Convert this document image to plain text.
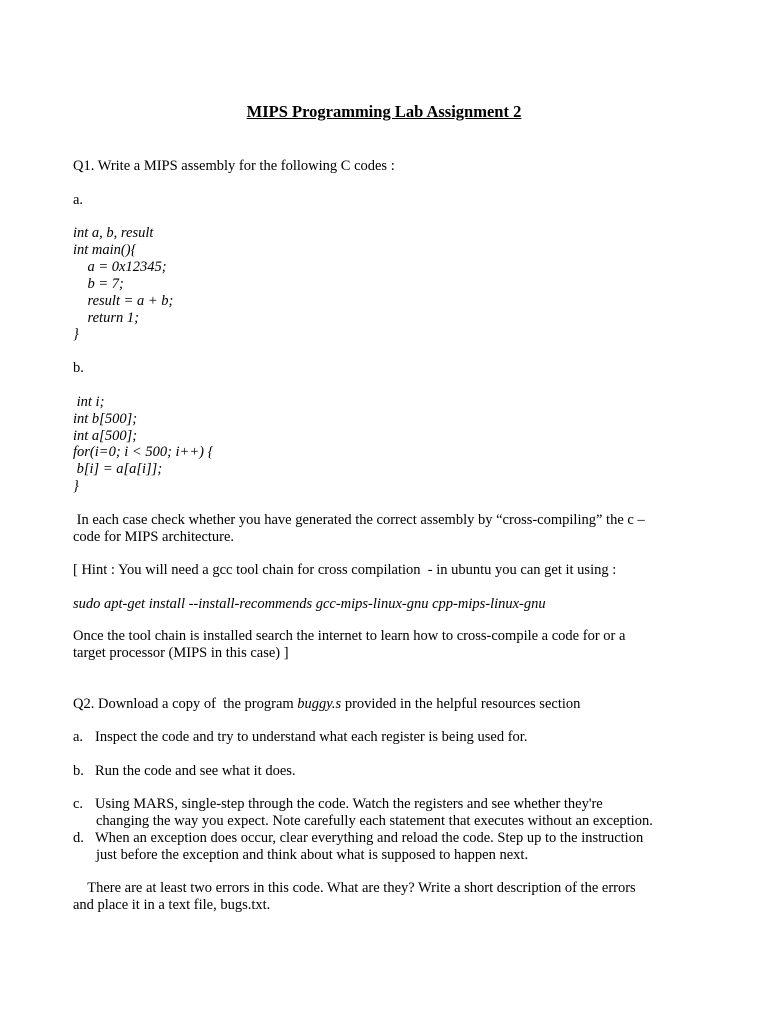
MIPS Programming Lab Assignment 2
Q1. Write a MIPS assembly for the following C codes :
a.
int a, b, result
int main(){
a = 0x12345;
b = 7;
result = a + b;
return 1;
}
b.
int i;
int b[500];
int a[500];
for(i=0; i < 500; i++) {
b[i] = a[a[i]];
}
In each case check whether you have generated the correct assembly by “cross-compiling” the c –
code for MIPS architecture.
[ Hint : You will need a gcc tool chain for cross compilation  - in ubuntu you can get it using :
sudo apt-get install --install-recommends gcc-mips-linux-gnu cpp-mips-linux-gnu
Once the tool chain is installed search the internet to learn how to cross-compile a code for or a
target processor (MIPS in this case) ]
Q2. Download a copy of  the program buggy.s provided in the helpful resources section
a. Inspect the code and try to understand what each register is being used for.
b. Run the code and see what it does.
c. Using MARS, single-step through the code. Watch the registers and see whether they're
changing the way you expect. Note carefully each statement that executes without an exception.
d. When an exception does occur, clear everything and reload the code. Step up to the instruction
just before the exception and think about what is supposed to happen next.
There are at least two errors in this code. What are they? Write a short description of the errors
and place it in a text file, bugs.txt.
